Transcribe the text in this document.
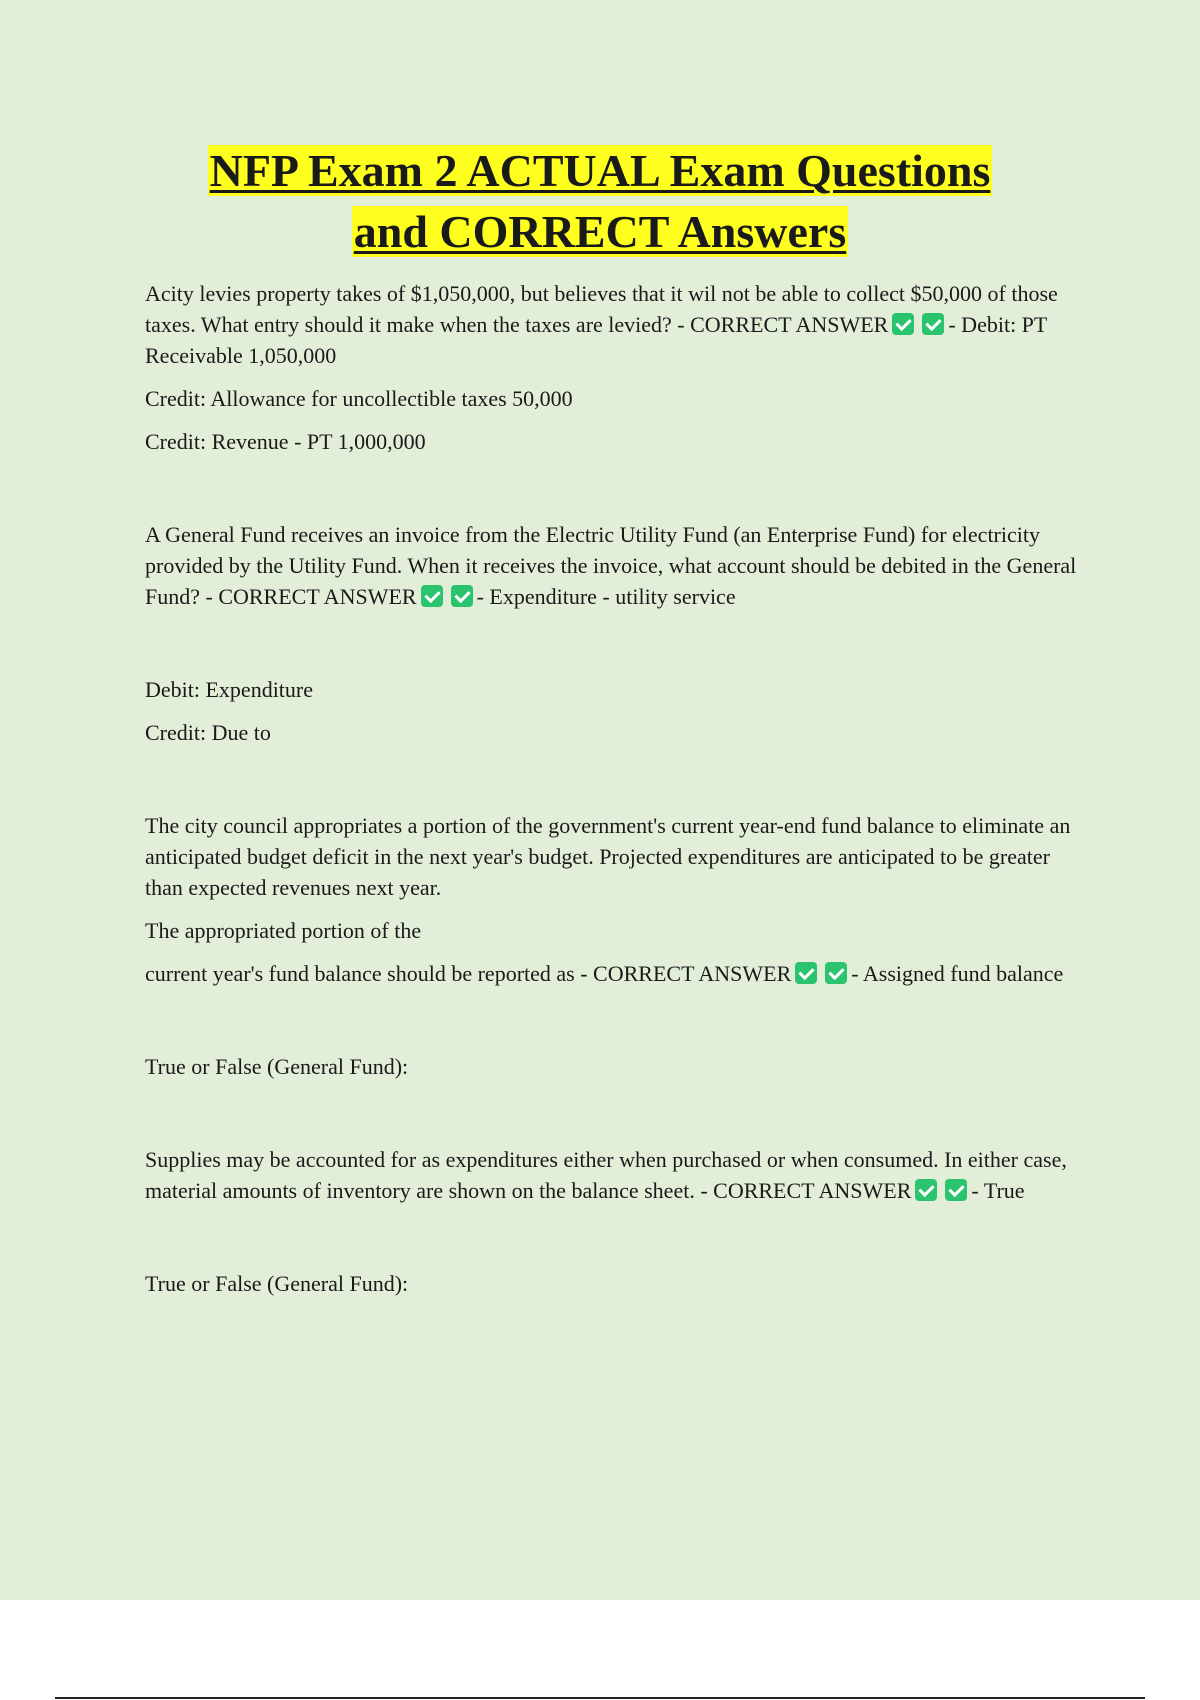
NFP Exam 2 ACTUAL Exam Questions
and CORRECT Answers

Acity levies property takes of $1,050,000, but believes that it wil not be able to collect $50,000 of those taxes. What entry should it make when the taxes are levied? - CORRECT ANSWER	- Debit: PT Receivable 1,050,000

Credit: Allowance for uncollectible taxes 50,000

Credit: Revenue - PT 1,000,000

A General Fund receives an invoice from the Electric Utility Fund (an Enterprise Fund) for electricity provided by the Utility Fund. When it receives the invoice, what account should be debited in the General Fund? - CORRECT ANSWER	- Expenditure - utility service

Debit: Expenditure

Credit: Due to

The city council appropriates a portion of the government's current year-end fund balance to eliminate an anticipated budget deficit in the next year's budget. Projected expenditures are anticipated to be greater than expected revenues next year.

The appropriated portion of the

current year's fund balance should be reported as - CORRECT ANSWER	- Assigned fund balance

True or False (General Fund):

Supplies may be accounted for as expenditures either when purchased or when consumed. In either case, material amounts of inventory are shown on the balance sheet. - CORRECT ANSWER	- True

True or False (General Fund):
